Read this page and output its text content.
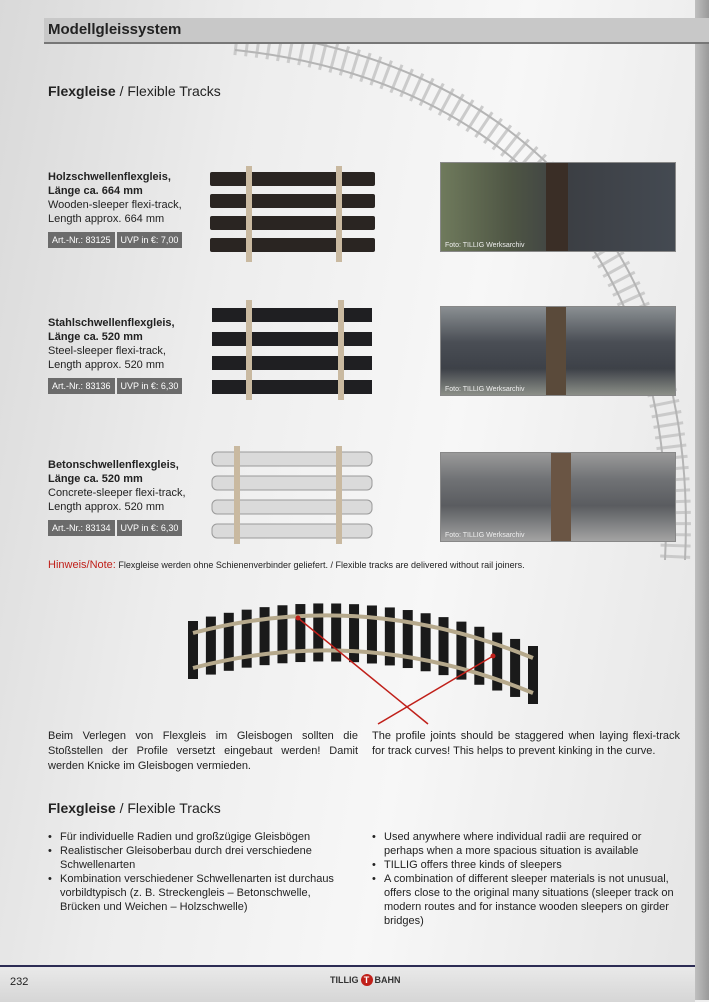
Modellgleissystem
Flexgleise / Flexible Tracks
Holzschwellenflexgleis,
Länge ca. 664 mm
Wooden-sleeper flexi-track,
Length approx. 664 mm
Art.-Nr.: 83125	UVP in €: 7,00
Foto: TILLIG Werksarchiv
Stahlschwellenflexgleis,
Länge ca. 520 mm
Steel-sleeper flexi-track,
Length approx. 520 mm
Art.-Nr.: 83136	UVP in €: 6,30	Foto: TILLIG Werksarchiv
Betonschwellenflexgleis,
Länge ca. 520 mm
Concrete-sleeper flexi-track,
Length approx. 520 mm
Art.-Nr.: 83134	UVP in €: 6,30
Foto: TILLIG Werksarchiv
Hinweis/Note: Flexgleise werden ohne Schienenverbinder geliefert. / Flexible tracks are delivered without rail joiners.
Beim Verlegen von Flexgleis im Gleisbogen sollten die Stoßstellen der Profile versetzt eingebaut werden! Damit werden Knicke im Gleisbogen vermieden.
The profile joints should be staggered when laying flexi-track for track curves! This helps to prevent kinking in the curve.
Flexgleise / Flexible Tracks
• Für individuelle Radien und großzügige Gleisbögen
• Realistischer Gleisoberbau durch drei verschiedene Schwellenarten
• Kombination verschiedener Schwellenarten ist durchaus vorbildtypisch (z. B. Streckengleis – Betonschwelle, Brücken und Weichen – Holzschwelle)
• Used anywhere where individual radii are required or perhaps when a more spacious situation is available
• TILLIG offers three kinds of sleepers
• A combination of different sleeper materials is not unusual, offers close to the original many situations (sleeper track on modern routes and for instance wooden sleepers on girder bridges)
232	TILLIG T BAHN
